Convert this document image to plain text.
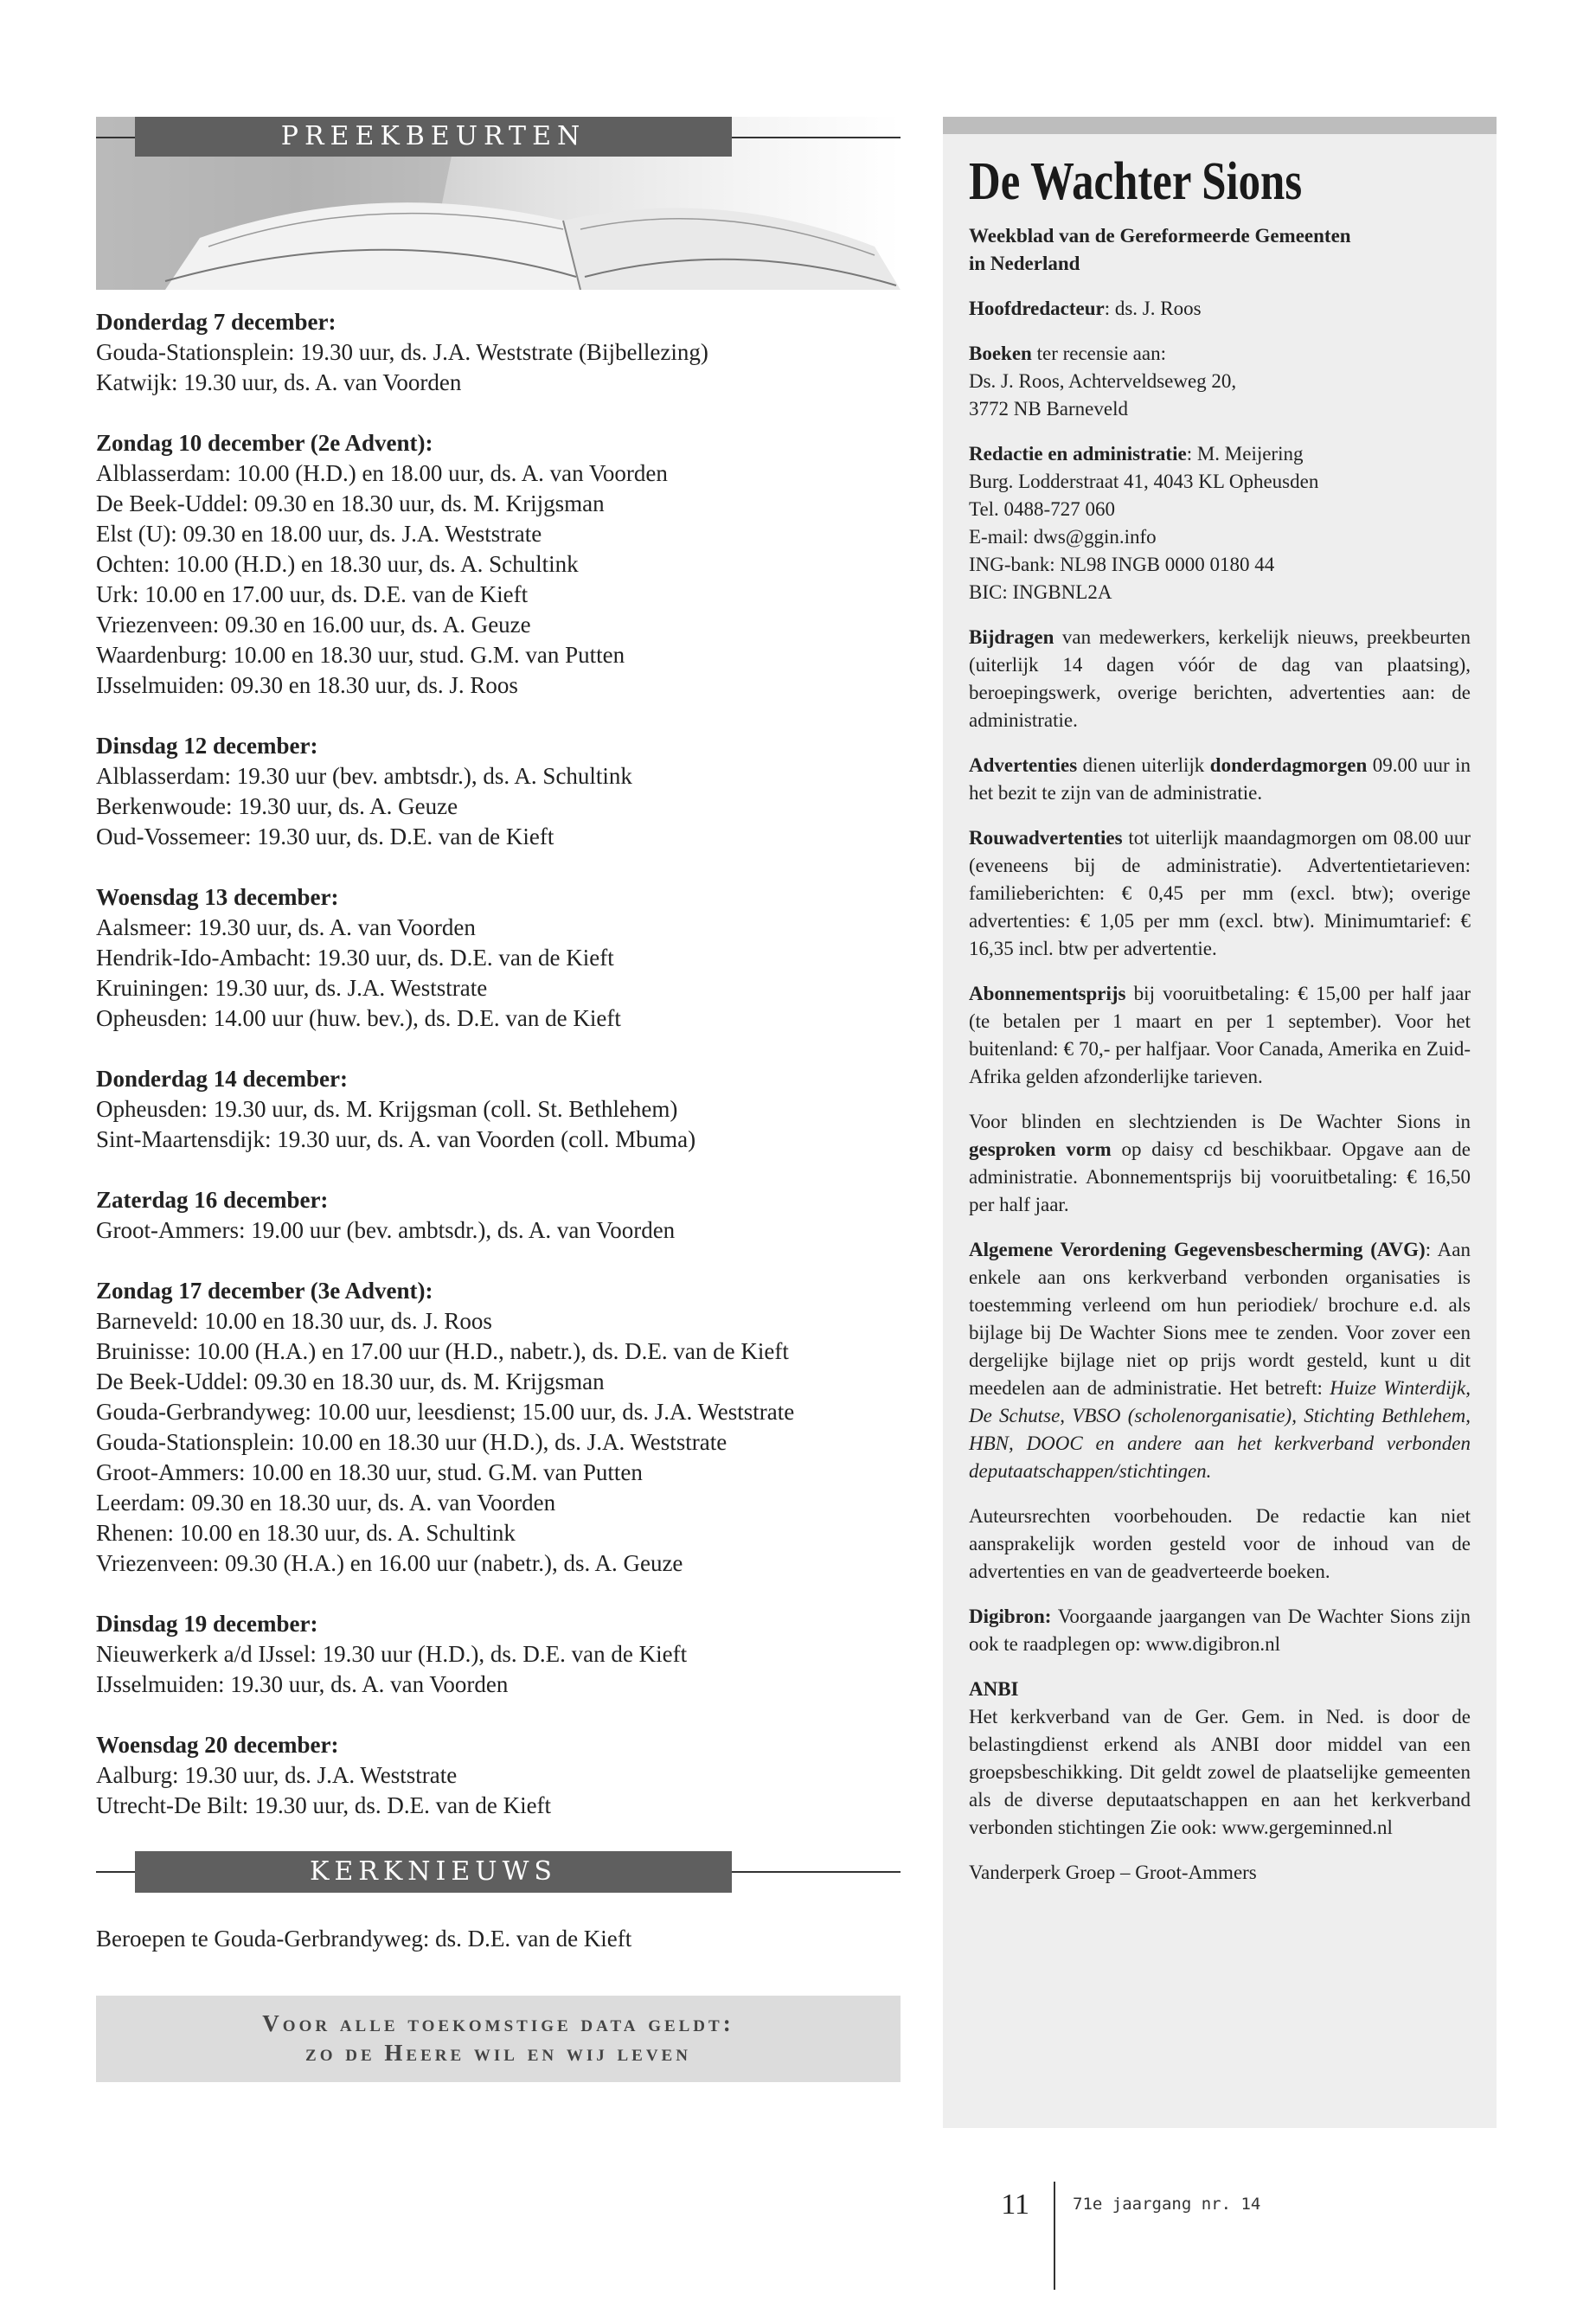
PREEKBEURTEN
Donderdag 7 december:
Gouda-Stationsplein: 19.30 uur, ds. J.A. Weststrate (Bijbellezing)
Katwijk: 19.30 uur, ds. A. van Voorden
Zondag 10 december (2e Advent):
Alblasserdam: 10.00 (H.D.) en 18.00 uur, ds. A. van Voorden
De Beek-Uddel: 09.30 en 18.30 uur, ds. M. Krijgsman
Elst (U): 09.30 en 18.00 uur, ds. J.A. Weststrate
Ochten: 10.00 (H.D.) en 18.30 uur, ds. A. Schultink
Urk: 10.00 en 17.00 uur, ds. D.E. van de Kieft
Vriezenveen: 09.30 en 16.00 uur, ds. A. Geuze
Waardenburg: 10.00 en 18.30 uur, stud. G.M. van Putten
IJsselmuiden: 09.30 en 18.30 uur, ds. J. Roos
Dinsdag 12 december:
Alblasserdam: 19.30 uur (bev. ambtsdr.), ds. A. Schultink
Berkenwoude: 19.30 uur, ds. A. Geuze
Oud-Vossemeer: 19.30 uur, ds. D.E. van de Kieft
Woensdag 13 december:
Aalsmeer: 19.30 uur, ds. A. van Voorden
Hendrik-Ido-Ambacht: 19.30 uur, ds. D.E. van de Kieft
Kruiningen: 19.30 uur, ds. J.A. Weststrate
Opheusden: 14.00 uur (huw. bev.), ds. D.E. van de Kieft
Donderdag 14 december:
Opheusden: 19.30 uur, ds. M. Krijgsman (coll. St. Bethlehem)
Sint-Maartensdijk: 19.30 uur, ds. A. van Voorden (coll. Mbuma)
Zaterdag 16 december:
Groot-Ammers: 19.00 uur (bev. ambtsdr.), ds. A. van Voorden
Zondag 17 december (3e Advent):
Barneveld: 10.00 en 18.30 uur, ds. J. Roos
Bruinisse: 10.00 (H.A.) en 17.00 uur (H.D., nabetr.), ds. D.E. van de Kieft
De Beek-Uddel: 09.30 en 18.30 uur, ds. M. Krijgsman
Gouda-Gerbrandyweg: 10.00 uur, leesdienst; 15.00 uur, ds. J.A. Weststrate
Gouda-Stationsplein: 10.00 en 18.30 uur (H.D.), ds. J.A. Weststrate
Groot-Ammers: 10.00 en 18.30 uur, stud. G.M. van Putten
Leerdam: 09.30 en 18.30 uur, ds. A. van Voorden
Rhenen: 10.00 en 18.30 uur, ds. A. Schultink
Vriezenveen: 09.30 (H.A.) en 16.00 uur (nabetr.), ds. A. Geuze
Dinsdag 19 december:
Nieuwerkerk a/d IJssel: 19.30 uur (H.D.), ds. D.E. van de Kieft
IJsselmuiden: 19.30 uur, ds. A. van Voorden
Woensdag 20 december:
Aalburg: 19.30 uur, ds. J.A. Weststrate
Utrecht-De Bilt: 19.30 uur, ds. D.E. van de Kieft
KERKNIEUWS
Beroepen te Gouda-Gerbrandyweg: ds. D.E. van de Kieft
Voor alle toekomstige data geldt:
zo de Heere wil en wij leven
De Wachter Sions
Weekblad van de Gereformeerde Gemeenten
in Nederland
Hoofdredacteur: ds. J. Roos

Boeken ter recensie aan:

Ds. J. Roos, Achterveldseweg 20,

3772 NB Barneveld

Redactie en administratie: M. Meijering

Burg. Lodderstraat 41, 4043 KL Opheusden

Tel. 0488-727 060

E-mail: dws@ggin.info

ING-bank: NL98 INGB 0000 0180 44

BIC: INGBNL2A

Bijdragen van medewerkers, kerkelijk nieuws, preekbeurten (uiterlijk 14 dagen vóór de dag van plaatsing), beroepingswerk, overige berichten, advertenties aan: de administratie.
Advertenties dienen uiterlijk donderdagmorgen 09.00 uur in het bezit te zijn van de administratie.
Rouwadvertenties tot uiterlijk maandagmorgen om 08.00 uur (eveneens bij de administratie). Advertentietarieven: familieberichten: € 0,45 per mm (excl. btw); overige advertenties: € 1,05 per mm (excl. btw). Minimumtarief: € 16,35 incl. btw per advertentie.
Abonnementsprijs bij vooruitbetaling: € 15,00 per half jaar (te betalen per 1 maart en per 1 september). Voor het buitenland: € 70,- per halfjaar. Voor Canada, Amerika en Zuid-Afrika gelden afzonderlijke tarieven.
Voor blinden en slechtzienden is De Wachter Sions in gesproken vorm op daisy cd beschikbaar. Opgave aan de administratie. Abonnementsprijs bij vooruitbetaling: € 16,50 per half jaar.
Algemene Verordening Gegevensbescherming (AVG): Aan enkele aan ons kerkverband verbonden organisaties is toestemming verleend om hun periodiek/ brochure e.d. als bijlage bij De Wachter Sions mee te zenden. Voor zover een dergelijke bijlage niet op prijs wordt gesteld, kunt u dit meedelen aan de administratie. Het betreft: Huize Winterdijk, De Schutse, VBSO (scholenorganisatie), Stichting Bethlehem, HBN, DOOC en andere aan het kerkverband verbonden deputaatschappen/stichtingen.
Auteursrechten voorbehouden. De redactie kan niet aansprakelijk worden gesteld voor de inhoud van de advertenties en van de geadverteerde boeken.
Digibron: Voorgaande jaargangen van De Wachter Sions zijn ook te raadplegen op: www.digibron.nl

ANBI

Het kerkverband van de Ger. Gem. in Ned. is door de belastingdienst erkend als ANBI door middel van een groepsbeschikking. Dit geldt zowel de plaatselijke gemeenten als de diverse deputaatschappen en aan het kerkverband verbonden stichtingen Zie ook: www.gergeminned.nl

Vanderperk Groep – Groot-Ammers
11	71e jaargang nr. 14
